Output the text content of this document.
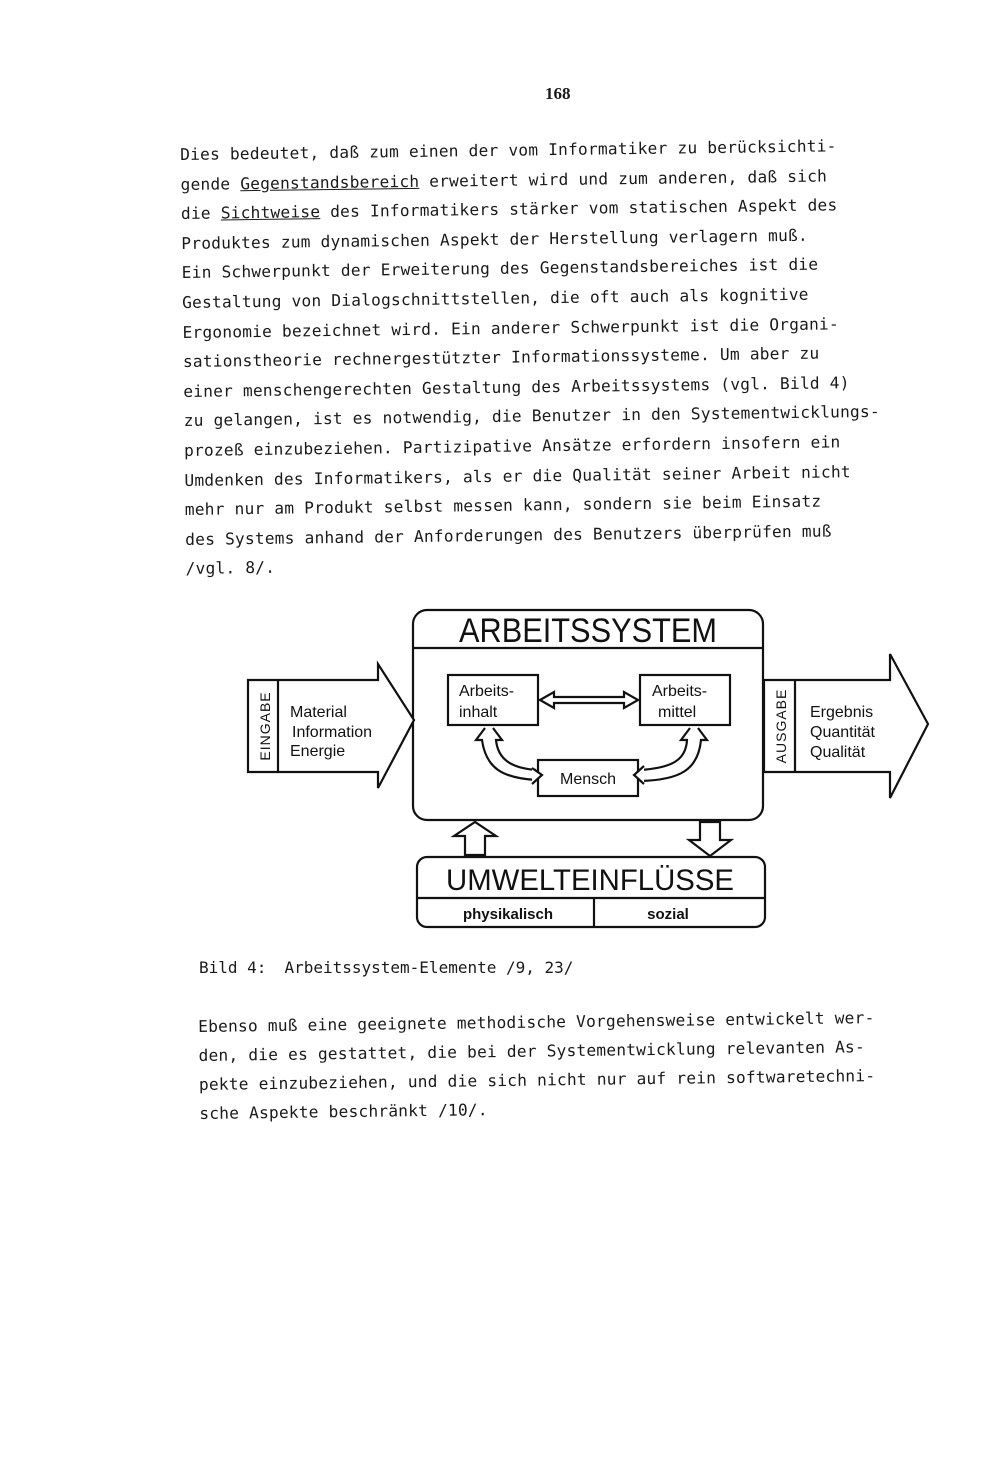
168
Dies bedeutet, daß zum einen der vom Informatiker zu berücksichti-
gende Gegenstandsbereich erweitert wird und zum anderen, daß sich
die Sichtweise des Informatikers stärker vom statischen Aspekt des
Produktes zum dynamischen Aspekt der Herstellung verlagern muß.
Ein Schwerpunkt der Erweiterung des Gegenstandsbereiches ist die
Gestaltung von Dialogschnittstellen, die oft auch als kognitive
Ergonomie bezeichnet wird. Ein anderer Schwerpunkt ist die Organi-
sationstheorie rechnergestützter Informationssysteme. Um aber zu
einer menschengerechten Gestaltung des Arbeitssystems (vgl. Bild 4)
zu gelangen, ist es notwendig, die Benutzer in den Systementwicklungs-
prozeß einzubeziehen. Partizipative Ansätze erfordern insofern ein
Umdenken des Informatikers, als er die Qualität seiner Arbeit nicht
mehr nur am Produkt selbst messen kann, sondern sie beim Einsatz
des Systems anhand der Anforderungen des Benutzers überprüfen muß
/vgl. 8/.
ARBEITSSYSTEM
EINGABE Material
Information
Energie	AUSGABE Ergebnis
Quantität
Qualität
Arbeits-
inhalt
Arbeits-
mittel
Mensch
UMWELTEINFLÜSSE
physikalisch	sozial
Bild 4: Arbeitssystem-Elemente /9, 23/
Ebenso muß eine geeignete methodische Vorgehensweise entwickelt wer-
den, die es gestattet, die bei der Systementwicklung relevanten As-
pekte einzubeziehen, und die sich nicht nur auf rein softwaretechni-
sche Aspekte beschränkt /10/.
